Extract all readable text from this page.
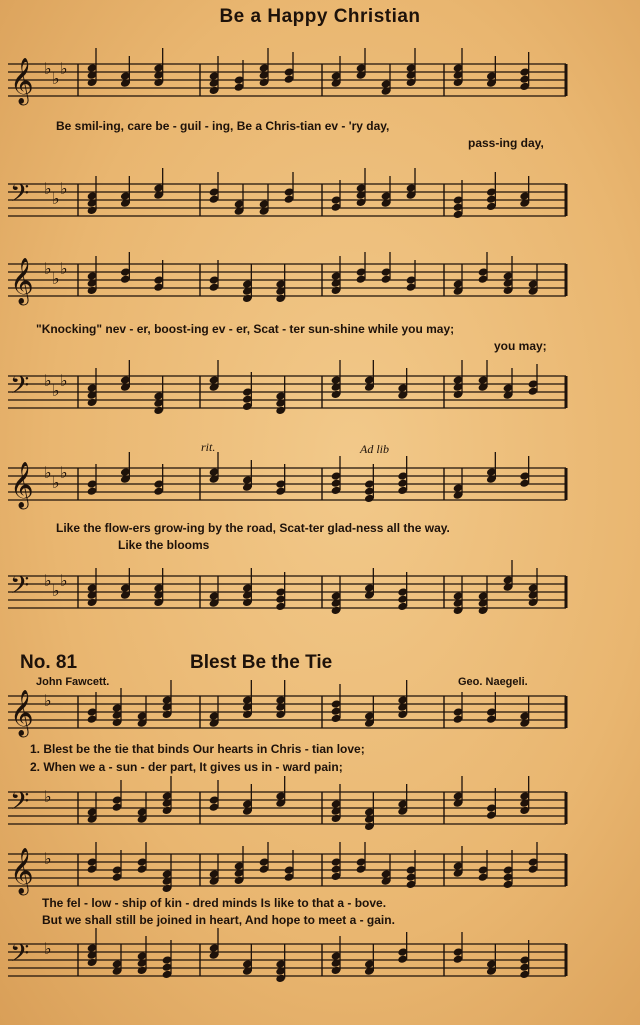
Be a Happy Christian
𝄞 ♭
♭
♭
Be smil-ing, care be - guil - ing, Be a Chris-tian ev - 'ry day,
pass-ing day,
𝄢 ♭
♭
♭
𝄞 ♭
♭
♭
"Knocking" nev - er, boost-ing ev - er, Scat - ter sun-shine while you may;
you may;
𝄢 ♭
♭
♭
rit.	Ad lib
𝄞 ♭
♭
♭
Like the flow-ers grow-ing by the road, Scat-ter glad-ness all the way.
Like the blooms
𝄢 ♭
♭
♭
No. 81	Blest Be the Tie
John Fawcett.	Geo. Naegeli.
𝄞 ♭
1. Blest be the tie that binds Our hearts in Chris - tian love;
2. When we a - sun - der part, It gives us in - ward pain;
𝄢 ♭
𝄞 ♭
The fel - low - ship of kin - dred minds Is like to that a - bove.
But we shall still be joined in heart, And hope to meet a - gain.
𝄢 ♭
